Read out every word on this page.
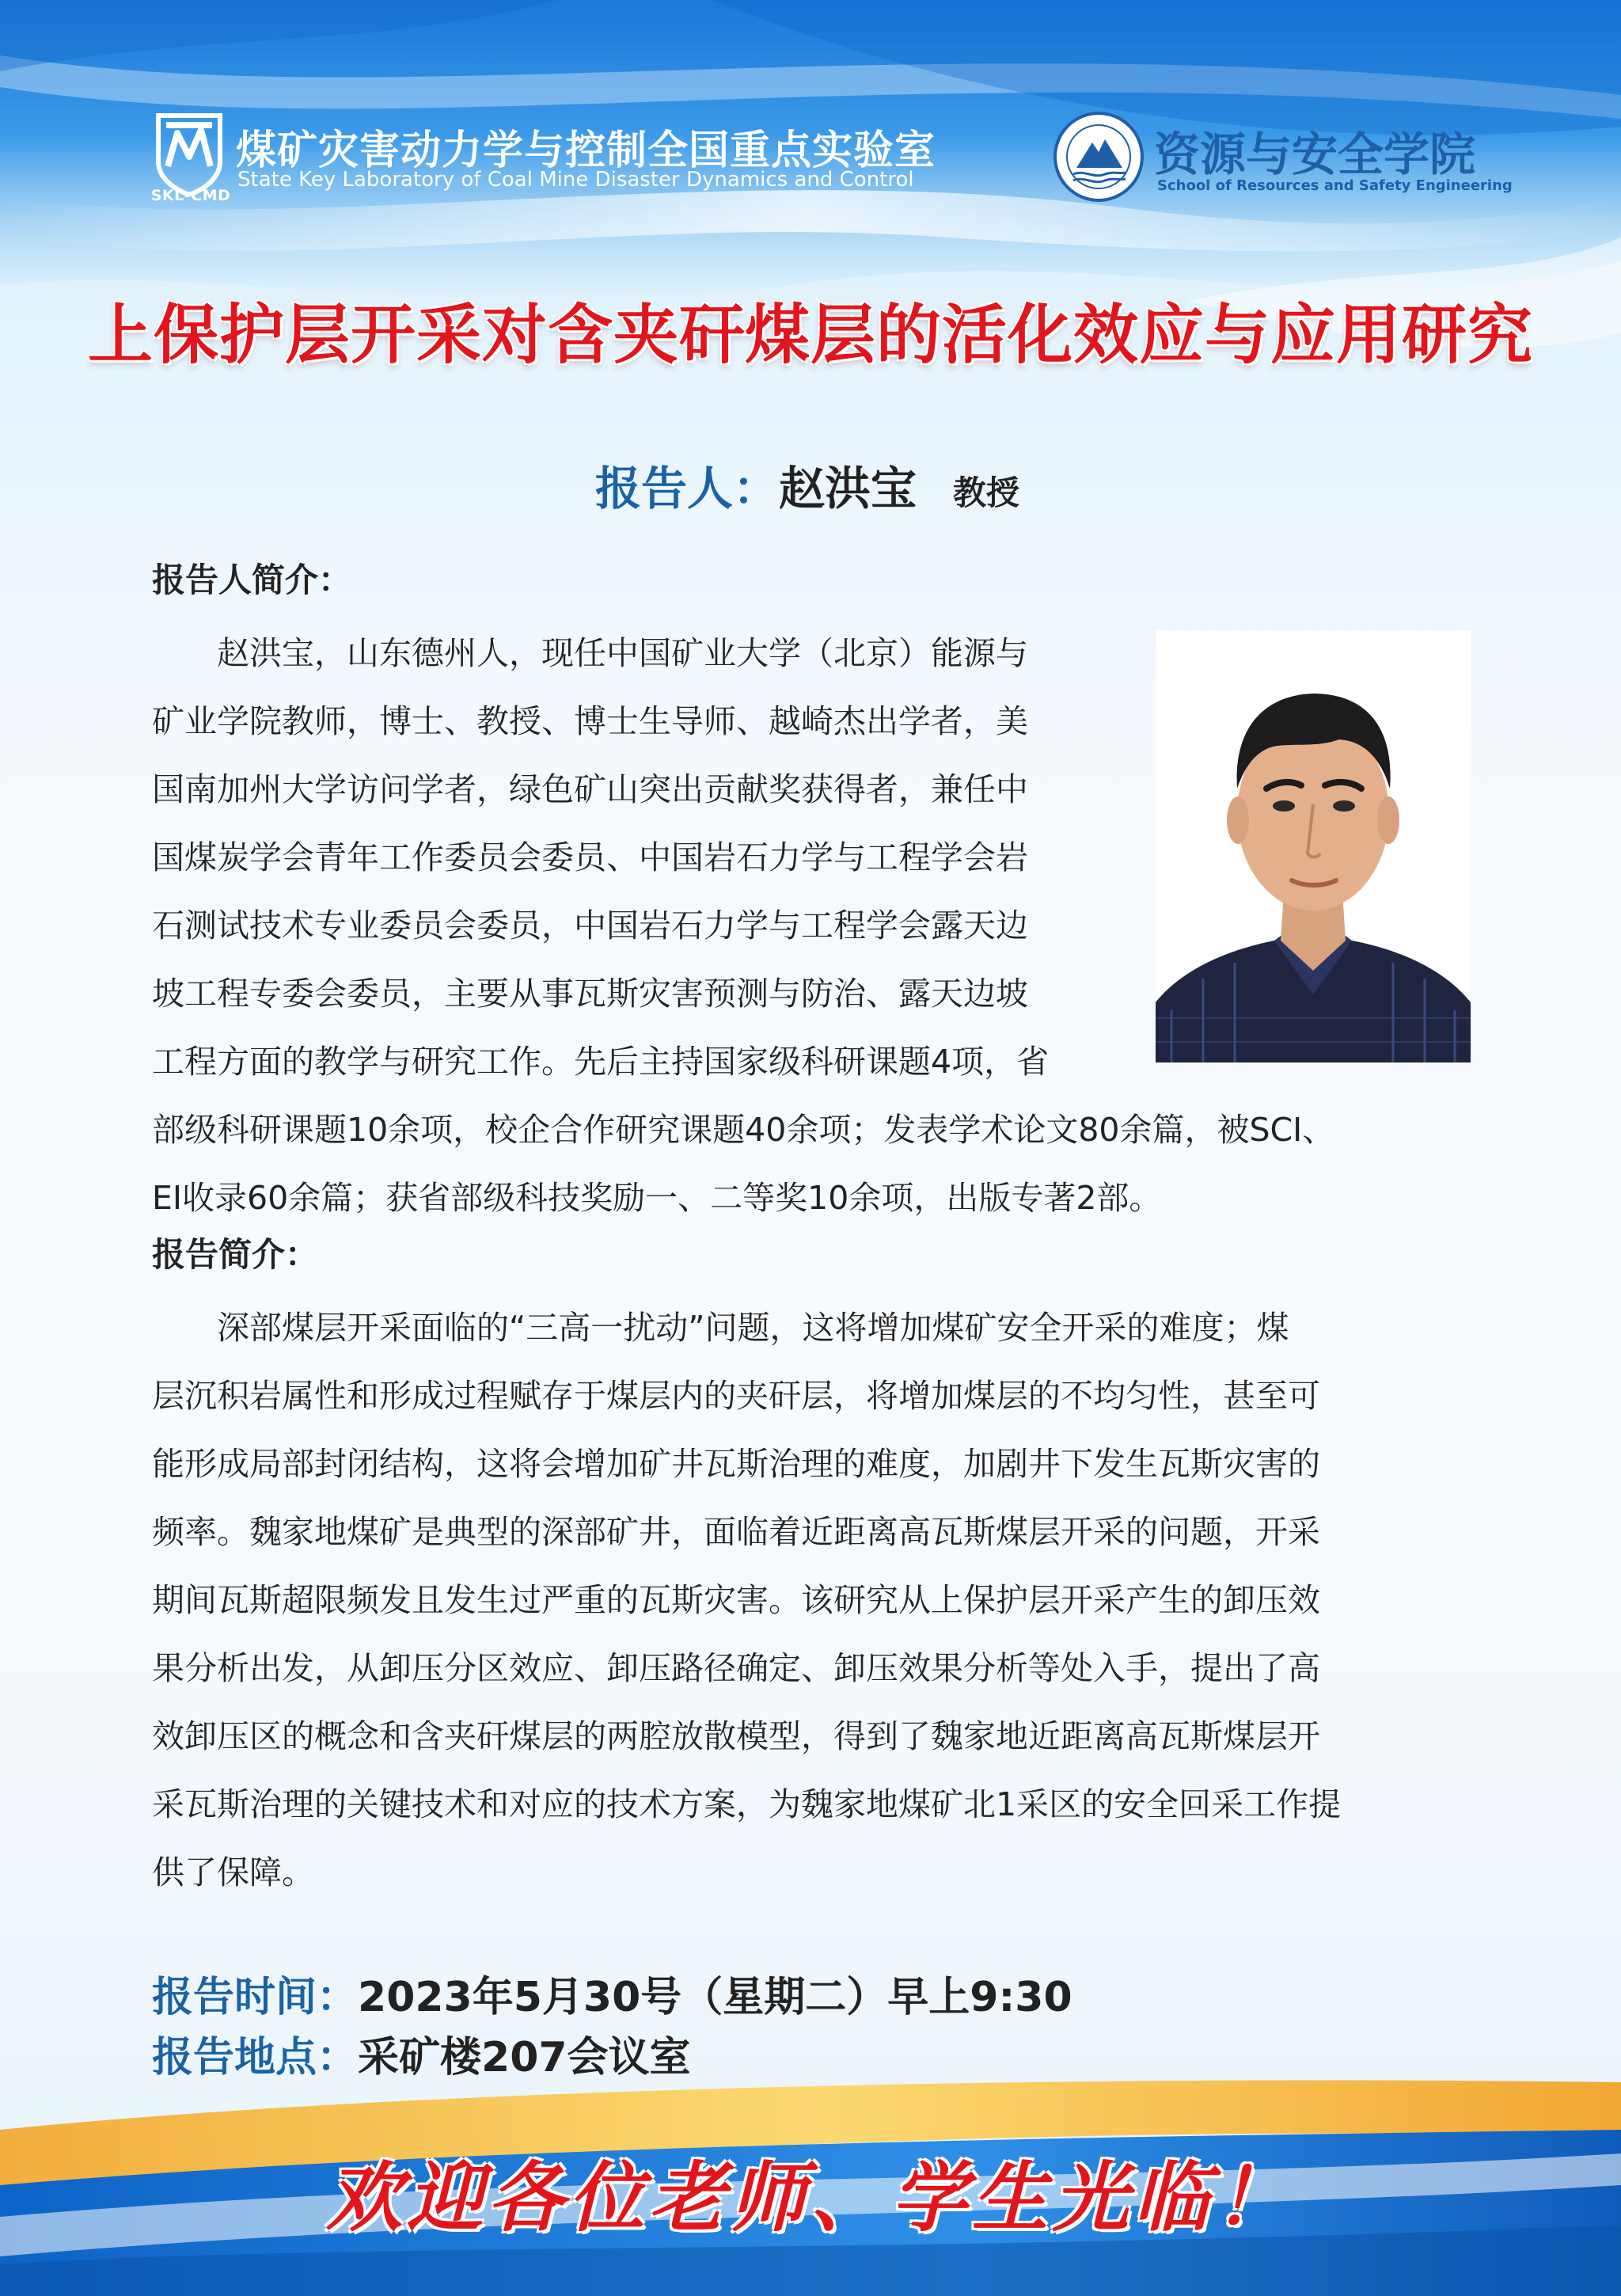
SKL-CMD
煤矿灾害动力学与控制全国重点实验室
State Key Laboratory of Coal Mine Disaster Dynamics and Control	资源与安全学院
School of Resources and Safety Engineering
上保护层开采对含夹矸煤层的活化效应与应用研究
报告人：赵洪宝 教授
报告人简介：
　　赵洪宝，山东德州人，现任中国矿业大学（北京）能源与
矿业学院教师，博士、教授、博士生导师、越崎杰出学者，美
国南加州大学访问学者，绿色矿山突出贡献奖获得者，兼任中
国煤炭学会青年工作委员会委员、中国岩石力学与工程学会岩
石测试技术专业委员会委员，中国岩石力学与工程学会露天边
坡工程专委会委员，主要从事瓦斯灾害预测与防治、露天边坡
工程方面的教学与研究工作。先后主持国家级科研课题4项，省
部级科研课题10余项，校企合作研究课题40余项；发表学术论文80余篇，被SCI、
EI收录60余篇；获省部级科技奖励一、二等奖10余项，出版专著2部。
报告简介：
　　深部煤层开采面临的“三高一扰动”问题，这将增加煤矿安全开采的难度；煤
层沉积岩属性和形成过程赋存于煤层内的夹矸层，将增加煤层的不均匀性，甚至可
能形成局部封闭结构，这将会增加矿井瓦斯治理的难度，加剧井下发生瓦斯灾害的
频率。魏家地煤矿是典型的深部矿井，面临着近距离高瓦斯煤层开采的问题，开采
期间瓦斯超限频发且发生过严重的瓦斯灾害。该研究从上保护层开采产生的卸压效
果分析出发，从卸压分区效应、卸压路径确定、卸压效果分析等处入手，提出了高
效卸压区的概念和含夹矸煤层的两腔放散模型，得到了魏家地近距离高瓦斯煤层开
采瓦斯治理的关键技术和对应的技术方案，为魏家地煤矿北1采区的安全回采工作提
供了保障。
报告时间：2023年5月30号（星期二）早上9:30
报告地点：采矿楼207会议室
欢迎各位老师、学生光临！
